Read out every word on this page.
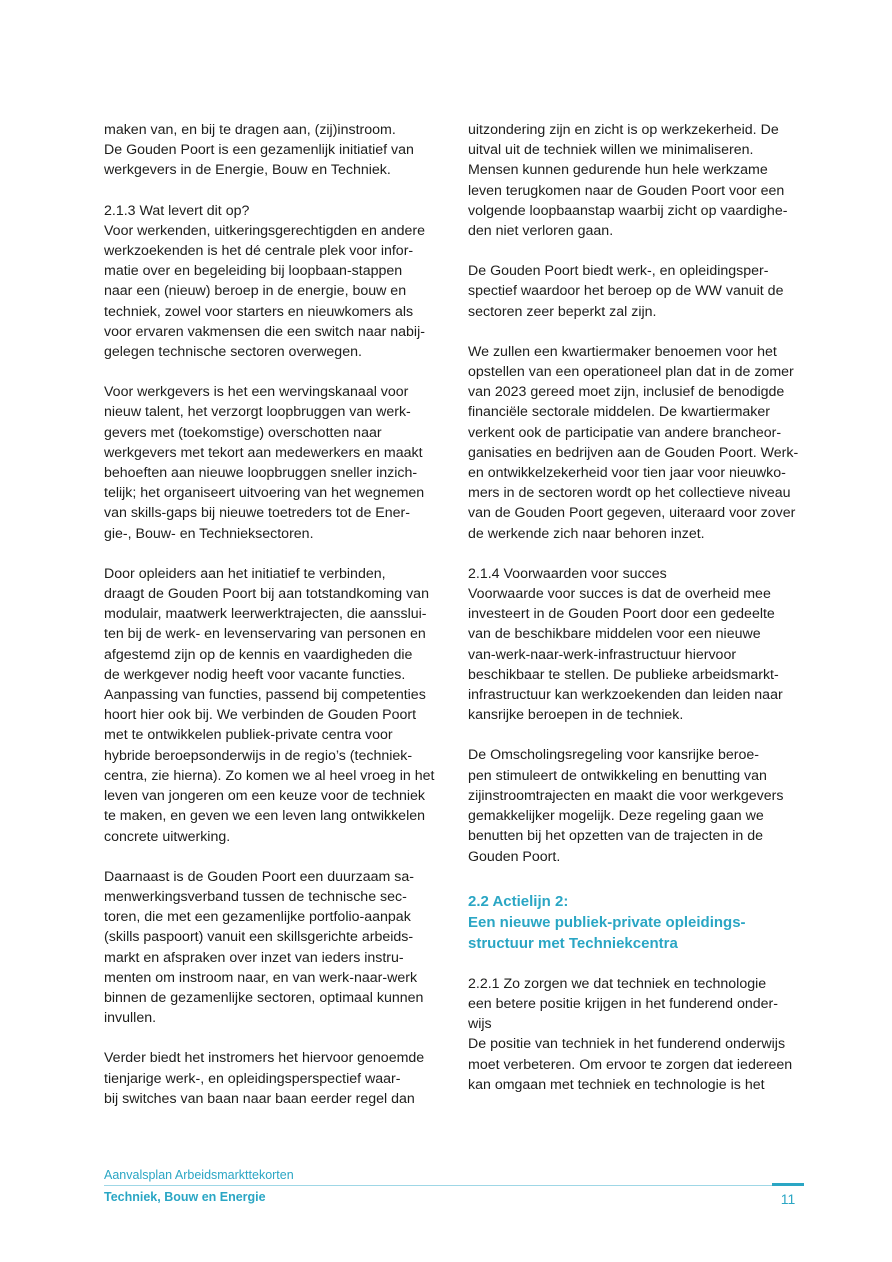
maken van, en bij te dragen aan, (zij)instroom.
De Gouden Poort is een gezamenlijk initiatief van
werkgevers in de Energie, Bouw en Techniek.

2.1.3 Wat levert dit op?

Voor werkenden, uitkeringsgerechtigden en andere
werkzoekenden is het dé centrale plek voor infor-
matie over en begeleiding bij loopbaan-stappen
naar een (nieuw) beroep in de energie, bouw en
techniek, zowel voor starters en nieuwkomers als
voor ervaren vakmensen die een switch naar nabij-
gelegen technische sectoren overwegen.

Voor werkgevers is het een wervingskanaal voor
nieuw talent, het verzorgt loopbruggen van werk-
gevers met (toekomstige) overschotten naar
werkgevers met tekort aan medewerkers en maakt
behoeften aan nieuwe loopbruggen sneller inzich-
telijk; het organiseert uitvoering van het wegnemen
van skills-gaps bij nieuwe toetreders tot de Ener-
gie-, Bouw- en Technieksectoren.

Door opleiders aan het initiatief te verbinden,
draagt de Gouden Poort bij aan totstandkoming van
modulair, maatwerk leerwerktrajecten, die aansslui-
ten bij de werk- en levenservaring van personen en
afgestemd zijn op de kennis en vaardigheden die
de werkgever nodig heeft voor vacante functies.
Aanpassing van functies, passend bij competenties
hoort hier ook bij. We verbinden de Gouden Poort
met te ontwikkelen publiek-private centra voor
hybride beroepsonderwijs in de regio’s (techniek-
centra, zie hierna). Zo komen we al heel vroeg in het
leven van jongeren om een keuze voor de techniek
te maken, en geven we een leven lang ontwikkelen
concrete uitwerking.

Daarnaast is de Gouden Poort een duurzaam sa-
menwerkingsverband tussen de technische sec-
toren, die met een gezamenlijke portfolio-aanpak
(skills paspoort) vanuit een skillsgerichte arbeids-
markt en afspraken over inzet van ieders instru-
menten om instroom naar, en van werk-naar-werk
binnen de gezamenlijke sectoren, optimaal kunnen
invullen.

Verder biedt het instromers het hiervoor genoemde
tienjarige werk-, en opleidingsperspectief waar-
bij switches van baan naar baan eerder regel dan

uitzondering zijn en zicht is op werkzekerheid. De
uitval uit de techniek willen we minimaliseren.
Mensen kunnen gedurende hun hele werkzame
leven terugkomen naar de Gouden Poort voor een
volgende loopbaanstap waarbij zicht op vaardighe-
den niet verloren gaan.

De Gouden Poort biedt werk-, en opleidingsper-
spectief waardoor het beroep op de WW vanuit de
sectoren zeer beperkt zal zijn.

We zullen een kwartiermaker benoemen voor het
opstellen van een operationeel plan dat in de zomer
van 2023 gereed moet zijn, inclusief de benodigde
financiële sectorale middelen. De kwartiermaker
verkent ook de participatie van andere brancheor-
ganisaties en bedrijven aan de Gouden Poort. Werk-
en ontwikkelzekerheid voor tien jaar voor nieuwko-
mers in de sectoren wordt op het collectieve niveau
van de Gouden Poort gegeven, uiteraard voor zover
de werkende zich naar behoren inzet.

2.1.4 Voorwaarden voor succes

Voorwaarde voor succes is dat de overheid mee
investeert in de Gouden Poort door een gedeelte
van de beschikbare middelen voor een nieuwe
van-werk-naar-werk-infrastructuur hiervoor
beschikbaar te stellen. De publieke arbeidsmarkt-
infrastructuur kan werkzoekenden dan leiden naar
kansrijke beroepen in de techniek.

De Omscholingsregeling voor kansrijke beroe-
pen stimuleert de ontwikkeling en benutting van
zijinstroomtrajecten en maakt die voor werkgevers
gemakkelijker mogelijk. Deze regeling gaan we
benutten bij het opzetten van de trajecten in de
Gouden Poort.

2.2 Actielijn 2:
Een nieuwe publiek-private opleidings-
structuur met Techniekcentra

2.2.1 Zo zorgen we dat techniek en technologie
een betere positie krijgen in het funderend onder-
wijs

De positie van techniek in het funderend onderwijs
moet verbeteren. Om ervoor te zorgen dat iedereen
kan omgaan met techniek en technologie is het

Aanvalsplan Arbeidsmarkttekorten
Techniek, Bouw en Energie	11
